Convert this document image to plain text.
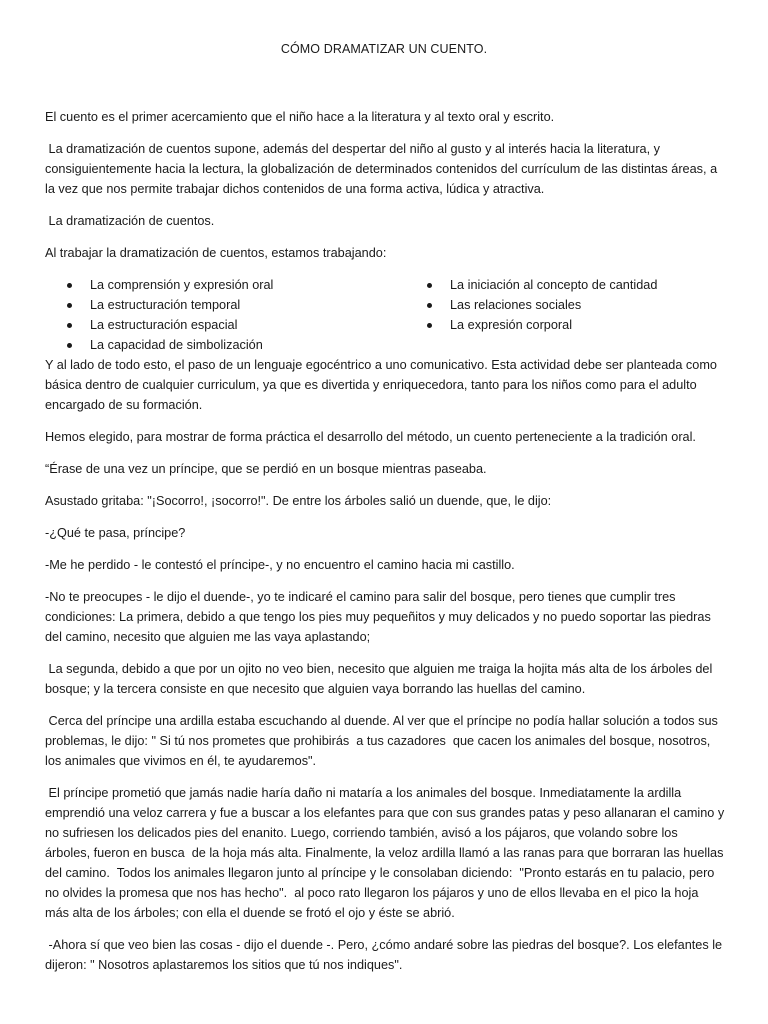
CÓMO DRAMATIZAR UN CUENTO.

El cuento es el primer acercamiento que el niño hace a la literatura y al texto oral y escrito.

La dramatización de cuentos supone, además del despertar del niño al gusto y al interés hacia la literatura, y consiguientemente hacia la lectura, la globalización de determinados contenidos del currículum de las distintas áreas, a la vez que nos permite trabajar dichos contenidos de una forma activa, lúdica y atractiva.

La dramatización de cuentos.

Al trabajar la dramatización de cuentos, estamos trabajando:

La comprensión y expresión oral
La estructuración temporal
La estructuración espacial
La capacidad de simbolización
La iniciación al concepto de cantidad
Las relaciones sociales
La expresión corporal

Y al lado de todo esto, el paso de un lenguaje egocéntrico a uno comunicativo. Esta actividad debe ser planteada como básica dentro de cualquier curriculum, ya que es divertida y enriquecedora, tanto para los niños como para el adulto encargado de su formación.

Hemos elegido, para mostrar de forma práctica el desarrollo del método, un cuento perteneciente a la tradición oral.

“Érase de una vez un príncipe, que se perdió en un bosque mientras paseaba.

Asustado gritaba: "¡Socorro!, ¡socorro!". De entre los árboles salió un duende, que, le dijo:

-¿Qué te pasa, príncipe?

-Me he perdido - le contestó el príncipe-, y no encuentro el camino hacia mi castillo.

-No te preocupes - le dijo el duende-, yo te indicaré el camino para salir del bosque, pero tienes que cumplir tres condiciones: La primera, debido a que tengo los pies muy pequeñitos y muy delicados y no puedo soportar las piedras del camino, necesito que alguien me las vaya aplastando;

La segunda, debido a que por un ojito no veo bien, necesito que alguien me traiga la hojita más alta de los árboles del bosque; y la tercera consiste en que necesito que alguien vaya borrando las huellas del camino.

Cerca del príncipe una ardilla estaba escuchando al duende. Al ver que el príncipe no podía hallar solución a todos sus problemas, le dijo: " Si tú nos prometes que prohibirás  a tus cazadores  que cacen los animales del bosque, nosotros, los animales que vivimos en él, te ayudaremos".

El príncipe prometió que jamás nadie haría daño ni mataría a los animales del bosque. Inmediatamente la ardilla emprendió una veloz carrera y fue a buscar a los elefantes para que con sus grandes patas y peso allanaran el camino y no sufriesen los delicados pies del enanito. Luego, corriendo también, avisó a los pájaros, que volando sobre los árboles, fueron en busca  de la hoja más alta. Finalmente, la veloz ardilla llamó a las ranas para que borraran las huellas del camino.  Todos los animales llegaron junto al príncipe y le consolaban diciendo:  "Pronto estarás en tu palacio, pero no olvides la promesa que nos has hecho".  al poco rato llegaron los pájaros y uno de ellos llevaba en el pico la hoja más alta de los árboles; con ella el duende se frotó el ojo y éste se abrió.

-Ahora sí que veo bien las cosas - dijo el duende -. Pero, ¿cómo andaré sobre las piedras del bosque?. Los elefantes le dijeron: " Nosotros aplastaremos los sitios que tú nos indiques".
